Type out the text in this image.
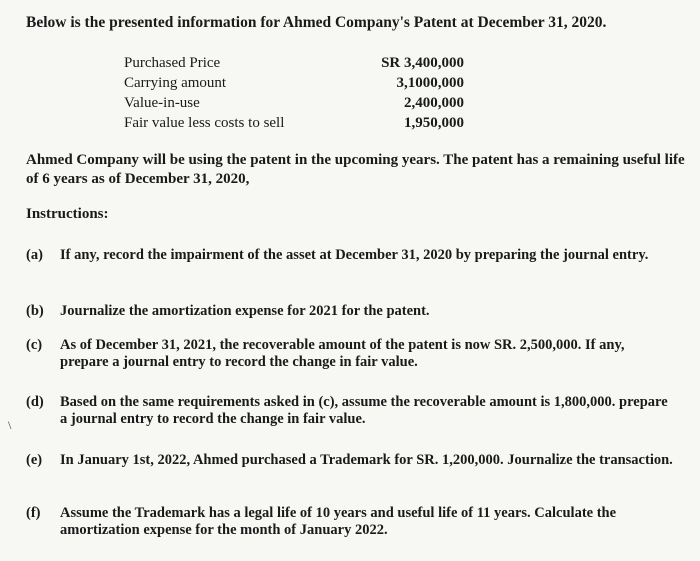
Below is the presented information for Ahmed Company's Patent at December 31, 2020.
Purchased Price	SR 3,400,000
Carrying amount	3,1000,000
Value-in-use	2,400,000
Fair value less costs to sell	1,950,000
Ahmed Company will be using the patent in the upcoming years. The patent has a remaining useful life of 6 years as of December 31, 2020,
Instructions:
(a) If any, record the impairment of the asset at December 31, 2020 by preparing the journal entry.
(b) Journalize the amortization expense for 2021 for the patent.
(c) As of December 31, 2021, the recoverable amount of the patent is now SR. 2,500,000. If any, prepare a journal entry to record the change in fair value.
(d) Based on the same requirements asked in (c), assume the recoverable amount is 1,800,000. prepare a journal entry to record the change in fair value.
(e) In January 1st, 2022, Ahmed purchased a Trademark for SR. 1,200,000. Journalize the transaction.
(f) Assume the Trademark has a legal life of 10 years and useful life of 11 years. Calculate the amortization expense for the month of January 2022.
\
